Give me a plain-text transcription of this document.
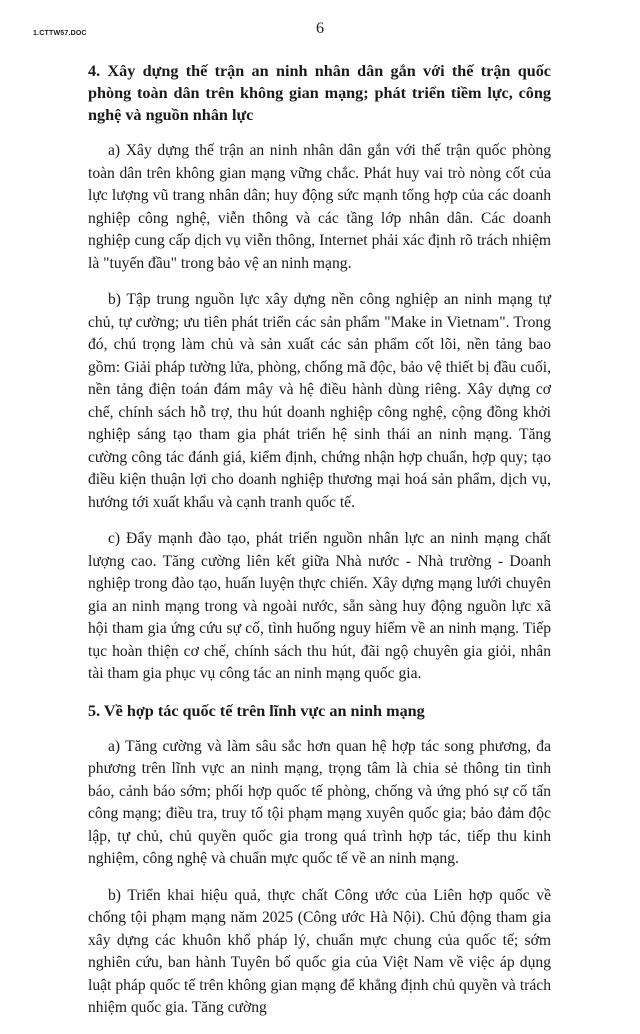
1.CTTW57.DOC	6
4. Xây dựng thế trận an ninh nhân dân gắn với thế trận quốc phòng toàn dân trên không gian mạng; phát triển tiềm lực, công nghệ và nguồn nhân lực

a) Xây dựng thế trận an ninh nhân dân gắn với thế trận quốc phòng toàn dân trên không gian mạng vững chắc. Phát huy vai trò nòng cốt của lực lượng vũ trang nhân dân; huy động sức mạnh tổng hợp của các doanh nghiệp công nghệ, viễn thông và các tầng lớp nhân dân. Các doanh nghiệp cung cấp dịch vụ viễn thông, Internet phải xác định rõ trách nhiệm là "tuyến đầu" trong bảo vệ an ninh mạng.

b) Tập trung nguồn lực xây dựng nền công nghiệp an ninh mạng tự chủ, tự cường; ưu tiên phát triển các sản phẩm "Make in Vietnam". Trong đó, chú trọng làm chủ và sản xuất các sản phẩm cốt lõi, nền tảng bao gồm: Giải pháp tường lửa, phòng, chống mã độc, bảo vệ thiết bị đầu cuối, nền tảng điện toán đám mây và hệ điều hành dùng riêng. Xây dựng cơ chế, chính sách hỗ trợ, thu hút doanh nghiệp công nghệ, cộng đồng khởi nghiệp sáng tạo tham gia phát triển hệ sinh thái an ninh mạng. Tăng cường công tác đánh giá, kiểm định, chứng nhận hợp chuẩn, hợp quy; tạo điều kiện thuận lợi cho doanh nghiệp thương mại hoá sản phẩm, dịch vụ, hướng tới xuất khẩu và cạnh tranh quốc tế.

c) Đẩy mạnh đào tạo, phát triển nguồn nhân lực an ninh mạng chất lượng cao. Tăng cường liên kết giữa Nhà nước - Nhà trường - Doanh nghiệp trong đào tạo, huấn luyện thực chiến. Xây dựng mạng lưới chuyên gia an ninh mạng trong và ngoài nước, sẵn sàng huy động nguồn lực xã hội tham gia ứng cứu sự cố, tình huống nguy hiểm về an ninh mạng. Tiếp tục hoàn thiện cơ chế, chính sách thu hút, đãi ngộ chuyên gia giỏi, nhân tài tham gia phục vụ công tác an ninh mạng quốc gia.

5. Về hợp tác quốc tế trên lĩnh vực an ninh mạng

a) Tăng cường và làm sâu sắc hơn quan hệ hợp tác song phương, đa phương trên lĩnh vực an ninh mạng, trọng tâm là chia sẻ thông tin tình báo, cảnh báo sớm; phối hợp quốc tế phòng, chống và ứng phó sự cố tấn công mạng; điều tra, truy tố tội phạm mạng xuyên quốc gia; bảo đảm độc lập, tự chủ, chủ quyền quốc gia trong quá trình hợp tác, tiếp thu kinh nghiệm, công nghệ và chuẩn mực quốc tế về an ninh mạng.

b) Triển khai hiệu quả, thực chất Công ước của Liên hợp quốc về chống tội phạm mạng năm 2025 (Công ước Hà Nội). Chủ động tham gia xây dựng các khuôn khổ pháp lý, chuẩn mực chung của quốc tế; sớm nghiên cứu, ban hành Tuyên bố quốc gia của Việt Nam về việc áp dụng luật pháp quốc tế trên không gian mạng để khẳng định chủ quyền và trách nhiệm quốc gia. Tăng cường
